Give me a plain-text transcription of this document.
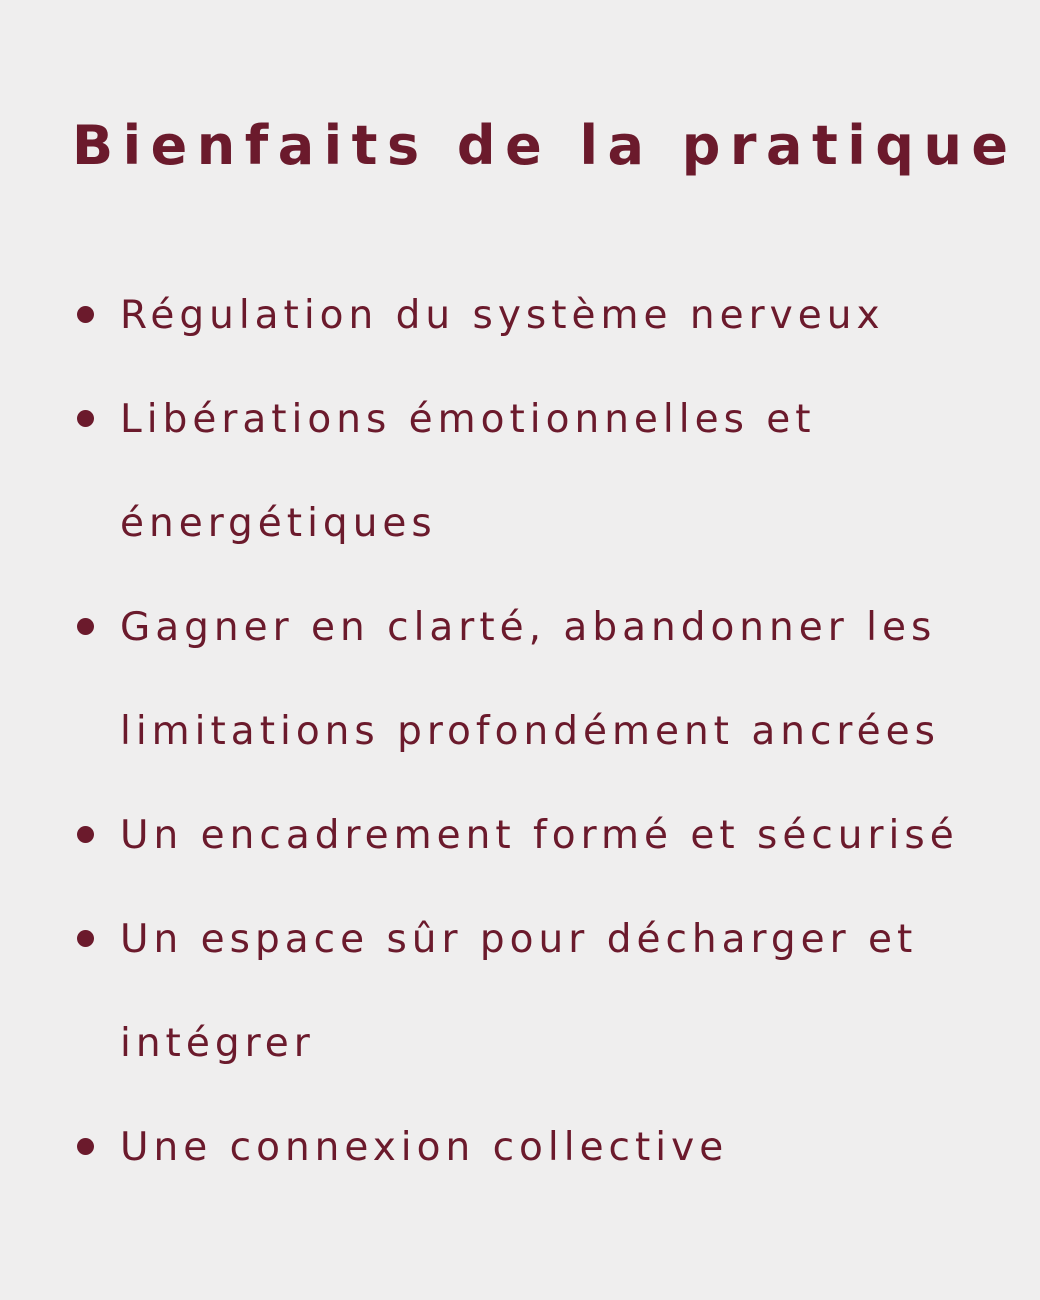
Bienfaits de la pratique
Régulation du système nerveux
Libérations émotionnelles et énergétiques
Gagner en clarté, abandonner les limitations profondément ancrées
Un encadrement formé et sécurisé
Un espace sûr pour décharger et intégrer
Une connexion collective
